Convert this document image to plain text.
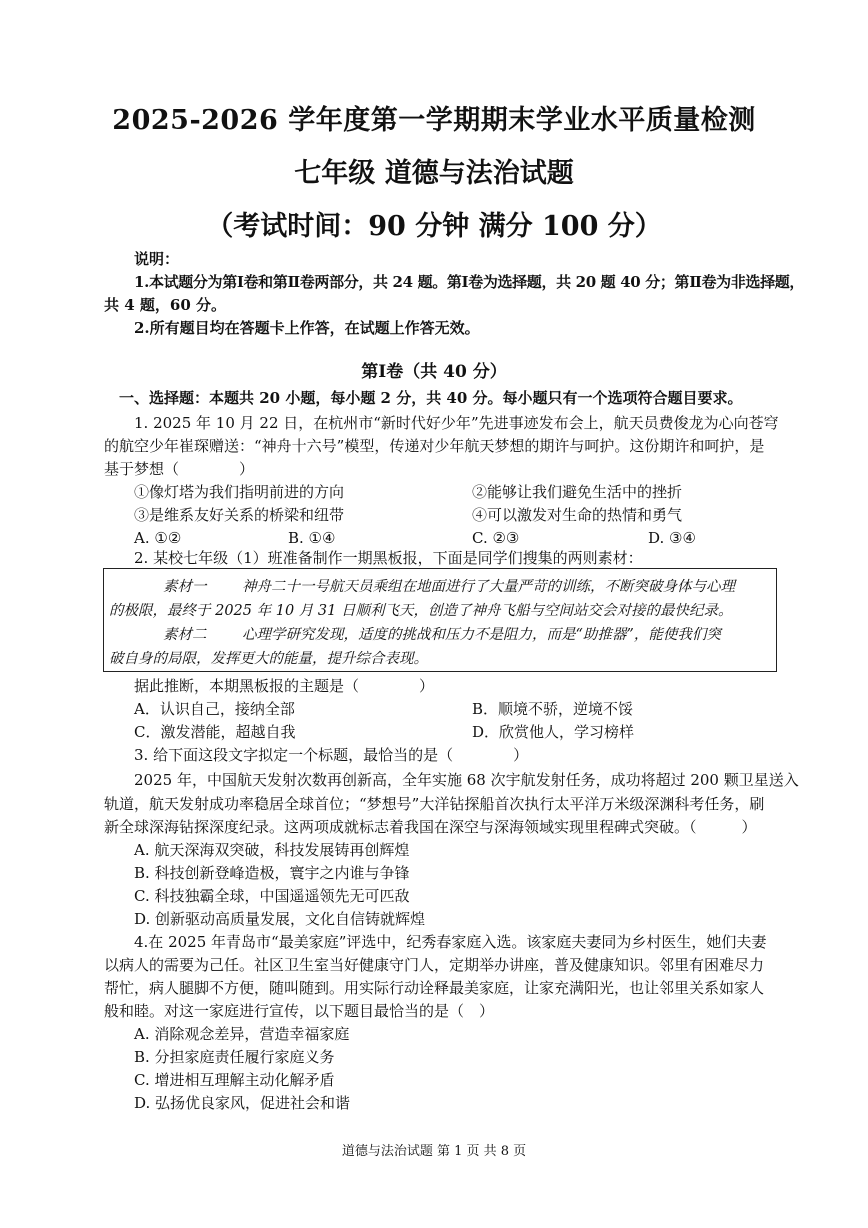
2025-2026 学年度第一学期期末学业水平质量检测
七年级 道德与法治试题
（考试时间：90 分钟 满分 100 分）
说明：
1.本试题分为第Ⅰ卷和第Ⅱ卷两部分，共 24 题。第Ⅰ卷为选择题，共 20 题 40 分；第Ⅱ卷为非选择题，
共 4 题，60 分。
2.所有题目均在答题卡上作答，在试题上作答无效。
第Ⅰ卷（共 40 分）
一、选择题：本题共 20 小题，每小题 2 分，共 40 分。每小题只有一个选项符合题目要求。
1. 2025 年 10 月 22 日，在杭州市“新时代好少年”先进事迹发布会上，航天员费俊龙为心向苍穹
的航空少年崔琛赠送：“神舟十六号”模型，传递对少年航天梦想的期许与呵护。这份期许和呵护，是
基于梦想（　　　　）
①像灯塔为我们指明前进的方向	②能够让我们避免生活中的挫折
③是维系友好关系的桥梁和纽带	④可以激发对生命的热情和勇气
A. ①②	B. ①④	C. ②③	D. ③④
2. 某校七年级（1）班准备制作一期黑板报，下面是同学们搜集的两则素材：
素材一 神舟二十一号航天员乘组在地面进行了大量严苛的训练，不断突破身体与心理
的极限，最终于 2025 年 10 月 31 日顺利飞天，创造了神舟飞船与空间站交会对接的最快纪录。
素材二 心理学研究发现，适度的挑战和压力不是阻力，而是“助推器”，能使我们突
破自身的局限，发挥更大的能量，提升综合表现。
据此推断，本期黑板报的主题是（　　　　）
A．认识自己，接纳全部	B．顺境不骄，逆境不馁
C．激发潜能，超越自我	D．欣赏他人，学习榜样
3. 给下面这段文字拟定一个标题，最恰当的是（　　　　）
2025 年，中国航天发射次数再创新高，全年实施 68 次宇航发射任务，成功将超过 200 颗卫星送入
轨道，航天发射成功率稳居全球首位；“梦想号”大洋钻探船首次执行太平洋万米级深渊科考任务，刷
新全球深海钻探深度纪录。这两项成就标志着我国在深空与深海领域实现里程碑式突破。（　　　）
A. 航天深海双突破，科技发展铸再创辉煌
B. 科技创新登峰造极，寰宇之内谁与争锋
C. 科技独霸全球，中国遥遥领先无可匹敌
D. 创新驱动高质量发展，文化自信铸就辉煌
4.在 2025 年青岛市“最美家庭”评选中，纪秀春家庭入选。该家庭夫妻同为乡村医生，她们夫妻
以病人的需要为己任。社区卫生室当好健康守门人，定期举办讲座，普及健康知识。邻里有困难尽力
帮忙，病人腿脚不方便，随叫随到。用实际行动诠释最美家庭，让家充满阳光，也让邻里关系如家人
般和睦。对这一家庭进行宣传，以下题目最恰当的是（　）
A. 消除观念差异，营造幸福家庭
B. 分担家庭责任履行家庭义务
C. 增进相互理解主动化解矛盾
D. 弘扬优良家风，促进社会和谐
道德与法治试题 第 1 页 共 8 页
